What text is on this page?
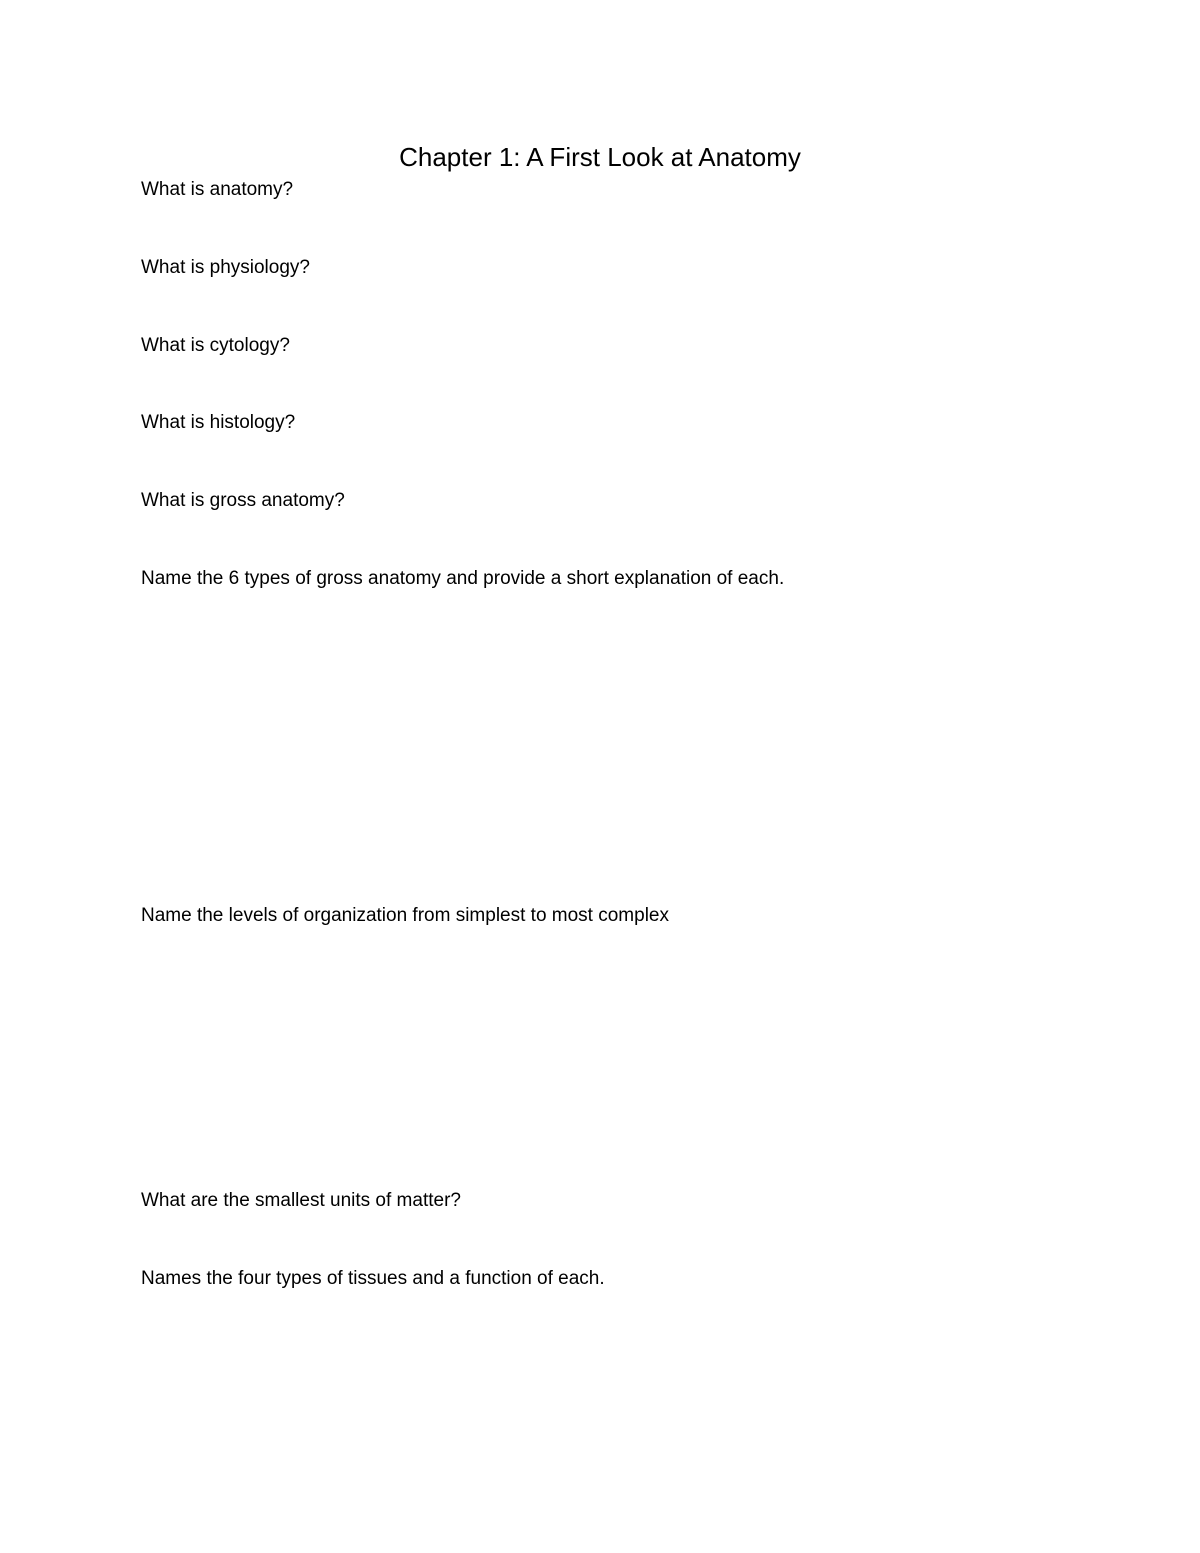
Chapter 1: A First Look at Anatomy
What is anatomy?
What is physiology?
What is cytology?
What is histology?
What is gross anatomy?
Name the 6 types of gross anatomy and provide a short explanation of each.
Name the levels of organization from simplest to most complex
What are the smallest units of matter?
Names the four types of tissues and a function of each.
